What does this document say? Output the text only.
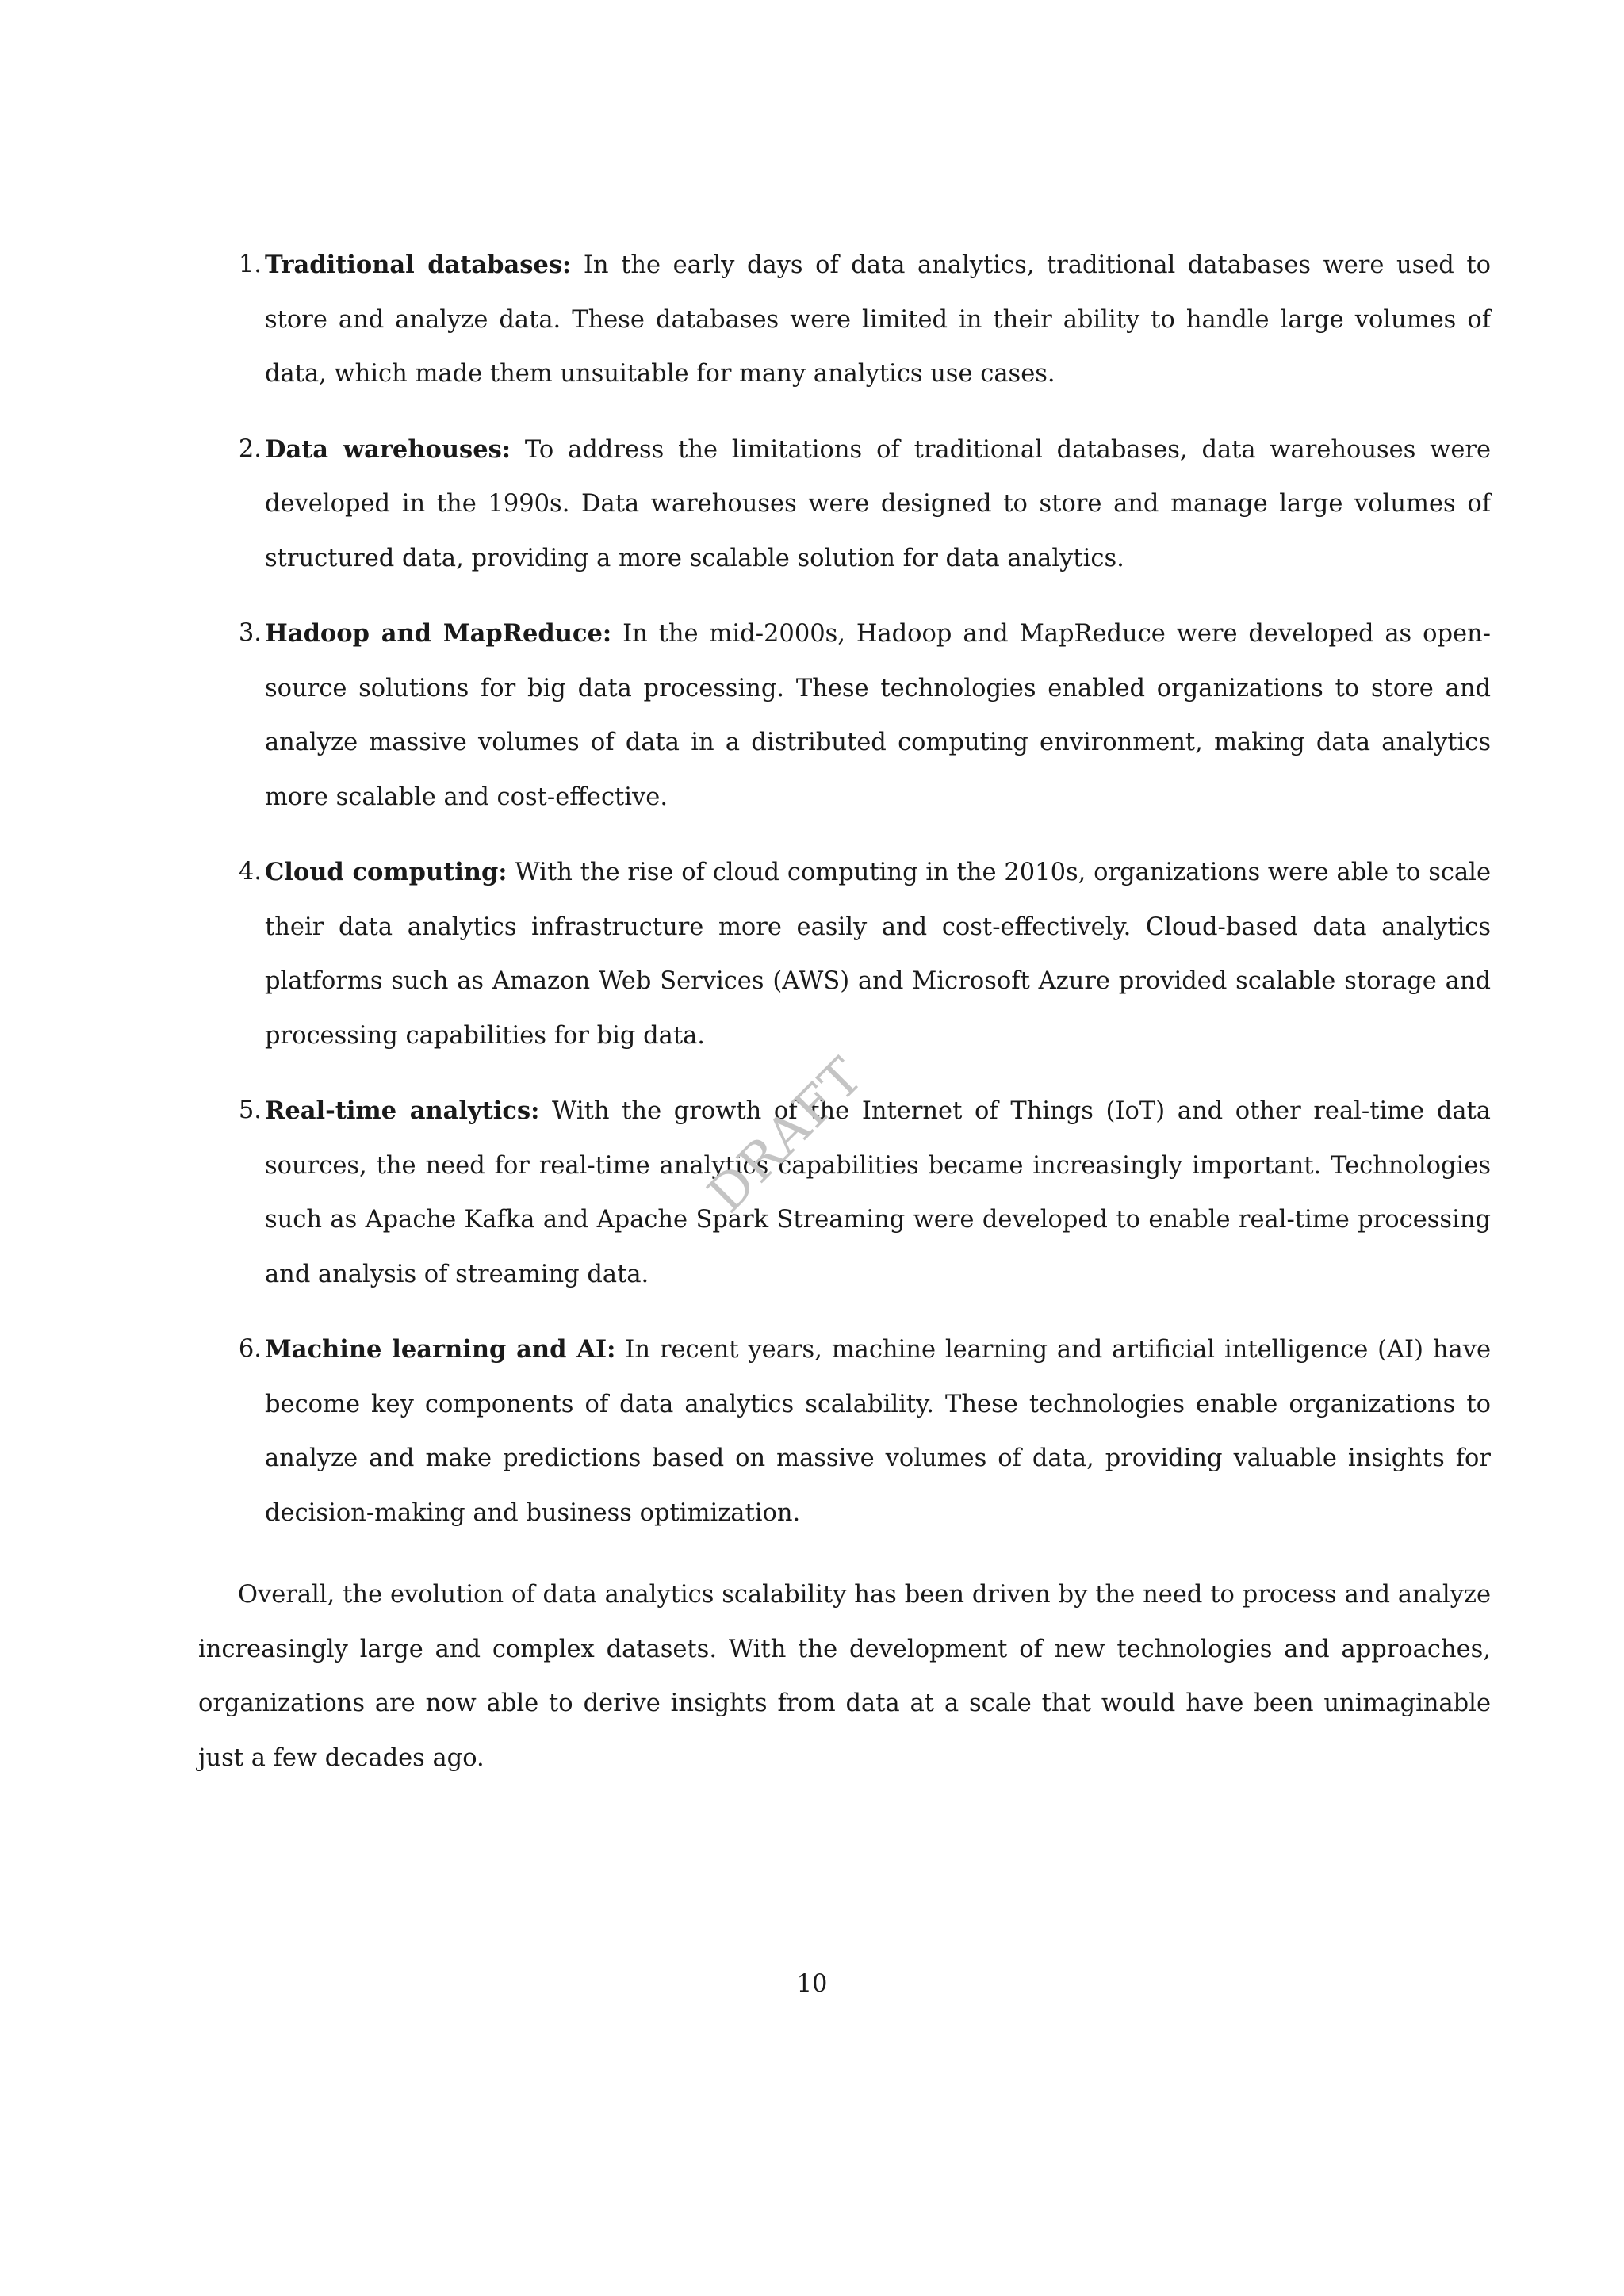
1. Traditional databases: In the early days of data analytics, traditional databases were used to store and analyze data. These databases were limited in their ability to handle large volumes of data, which made them unsuitable for many analytics use cases.
2. Data warehouses: To address the limitations of traditional databases, data warehouses were developed in the 1990s. Data warehouses were designed to store and manage large volumes of structured data, providing a more scalable solution for data analytics.
3. Hadoop and MapReduce: In the mid-2000s, Hadoop and MapReduce were developed as open-source solutions for big data processing. These technologies enabled organizations to store and analyze massive volumes of data in a distributed computing environment, making data analytics more scalable and cost-effective.
4. Cloud computing: With the rise of cloud computing in the 2010s, organizations were able to scale their data analytics infrastructure more easily and cost-effectively. Cloud-based data analytics platforms such as Amazon Web Services (AWS) and Microsoft Azure provided scalable storage and processing capabilities for big data.
5. Real-time analytics: With the growth of the Internet of Things (IoT) and other real-time data sources, the need for real-time analytics capabilities became increasingly important. Technologies such as Apache Kafka and Apache Spark Streaming were developed to enable real-time processing and analysis of streaming data.
6. Machine learning and AI: In recent years, machine learning and artificial intelligence (AI) have become key components of data analytics scalability. These technologies enable organizations to analyze and make predictions based on massive volumes of data, providing valuable insights for decision-making and business optimization.

Overall, the evolution of data analytics scalability has been driven by the need to process and analyze increasingly large and complex datasets. With the development of new technologies and approaches, organizations are now able to derive insights from data at a scale that would have been unimaginable just a few decades ago.

DRAFT
10
